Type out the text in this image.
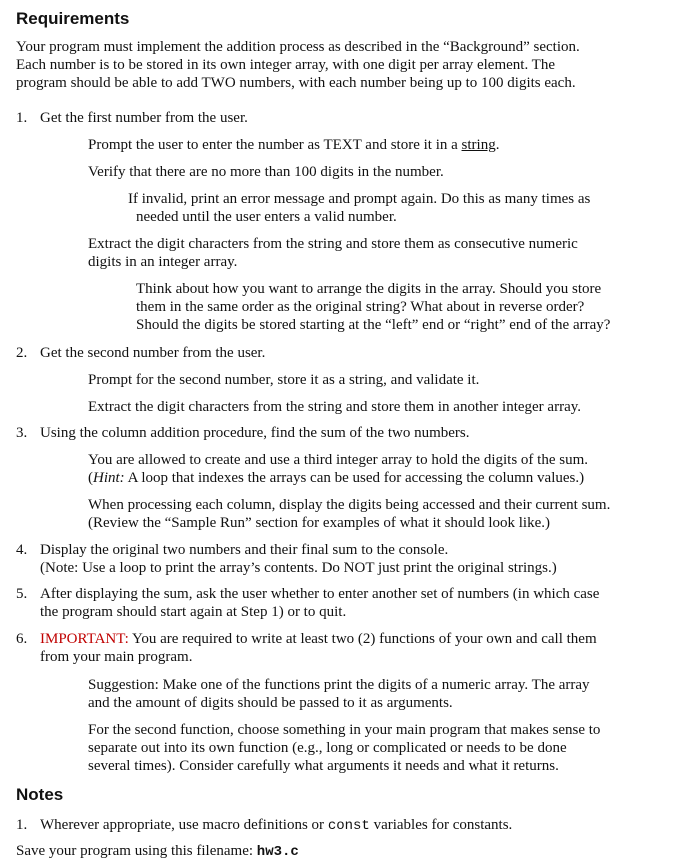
Requirements
Your program must implement the addition process as described in the “Background” section.
Each number is to be stored in its own integer array, with one digit per array element. The
program should be able to add TWO numbers, with each number being up to 100 digits each.
1. Get the first number from the user.
Prompt the user to enter the number as TEXT and store it in a string.
Verify that there are no more than 100 digits in the number.
If invalid, print an error message and prompt again. Do this as many times as
needed until the user enters a valid number.
Extract the digit characters from the string and store them as consecutive numeric
digits in an integer array.
Think about how you want to arrange the digits in the array. Should you store
them in the same order as the original string? What about in reverse order?
Should the digits be stored starting at the “left” end or “right” end of the array?
2. Get the second number from the user.
Prompt for the second number, store it as a string, and validate it.
Extract the digit characters from the string and store them in another integer array.
3. Using the column addition procedure, find the sum of the two numbers.
You are allowed to create and use a third integer array to hold the digits of the sum.
(Hint: A loop that indexes the arrays can be used for accessing the column values.)
When processing each column, display the digits being accessed and their current sum.
(Review the “Sample Run” section for examples of what it should look like.)
4. Display the original two numbers and their final sum to the console.
(Note: Use a loop to print the array’s contents. Do NOT just print the original strings.)
5. After displaying the sum, ask the user whether to enter another set of numbers (in which case
the program should start again at Step 1) or to quit.
6. IMPORTANT: You are required to write at least two (2) functions of your own and call them
from your main program.
Suggestion: Make one of the functions print the digits of a numeric array. The array
and the amount of digits should be passed to it as arguments.
For the second function, choose something in your main program that makes sense to
separate out into its own function (e.g., long or complicated or needs to be done
several times). Consider carefully what arguments it needs and what it returns.
Notes
1. Wherever appropriate, use macro definitions or const variables for constants.
Save your program using this filename: hw3.c
